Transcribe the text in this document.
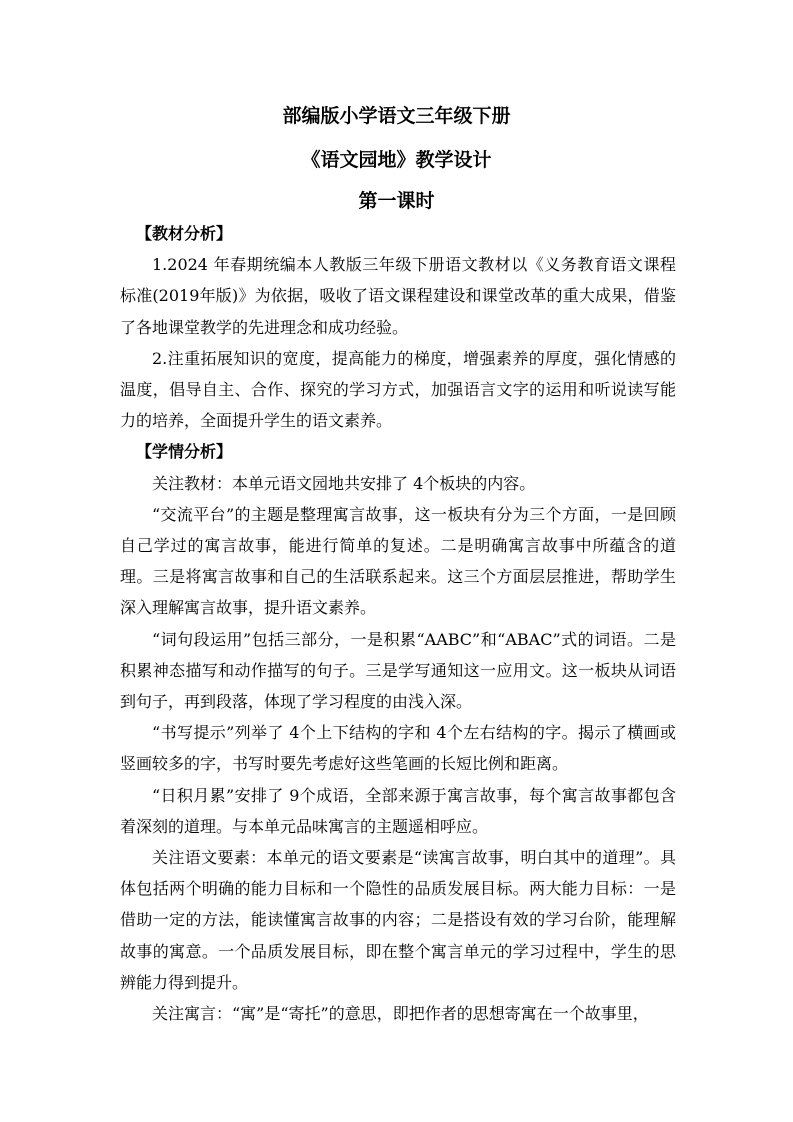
部编版小学语文三年级下册
《语文园地》教学设计
第一课时

【教材分析】

1.2024 年春期统编本人教版三年级下册语文教材以《义务教育语文课程标准(2019年版)》为依据，吸收了语文课程建设和课堂改革的重大成果，借鉴了各地课堂教学的先进理念和成功经验。

2.注重拓展知识的宽度，提高能力的梯度，增强素养的厚度，强化情感的温度，倡导自主、合作、探究的学习方式，加强语言文字的运用和听说读写能力的培养，全面提升学生的语文素养。

【学情分析】

关注教材：本单元语文园地共安排了 4个板块的内容。

“交流平台”的主题是整理寓言故事，这一板块有分为三个方面，一是回顾自己学过的寓言故事，能进行简单的复述。二是明确寓言故事中所蕴含的道理。三是将寓言故事和自己的生活联系起来。这三个方面层层推进，帮助学生深入理解寓言故事，提升语文素养。

“词句段运用”包括三部分，一是积累“AABC”和“ABAC”式的词语。二是积累神态描写和动作描写的句子。三是学写通知这一应用文。这一板块从词语到句子，再到段落，体现了学习程度的由浅入深。

“书写提示”列举了 4个上下结构的字和 4个左右结构的字。揭示了横画或竖画较多的字，书写时要先考虑好这些笔画的长短比例和距离。

“日积月累”安排了 9个成语，全部来源于寓言故事，每个寓言故事都包含着深刻的道理。与本单元品味寓言的主题遥相呼应。

关注语文要素：本单元的语文要素是“读寓言故事，明白其中的道理”。具体包括两个明确的能力目标和一个隐性的品质发展目标。两大能力目标：一是借助一定的方法，能读懂寓言故事的内容；二是搭设有效的学习台阶，能理解故事的寓意。一个品质发展目标，即在整个寓言单元的学习过程中，学生的思辨能力得到提升。

关注寓言：“寓”是“寄托”的意思，即把作者的思想寄寓在一个故事里，
